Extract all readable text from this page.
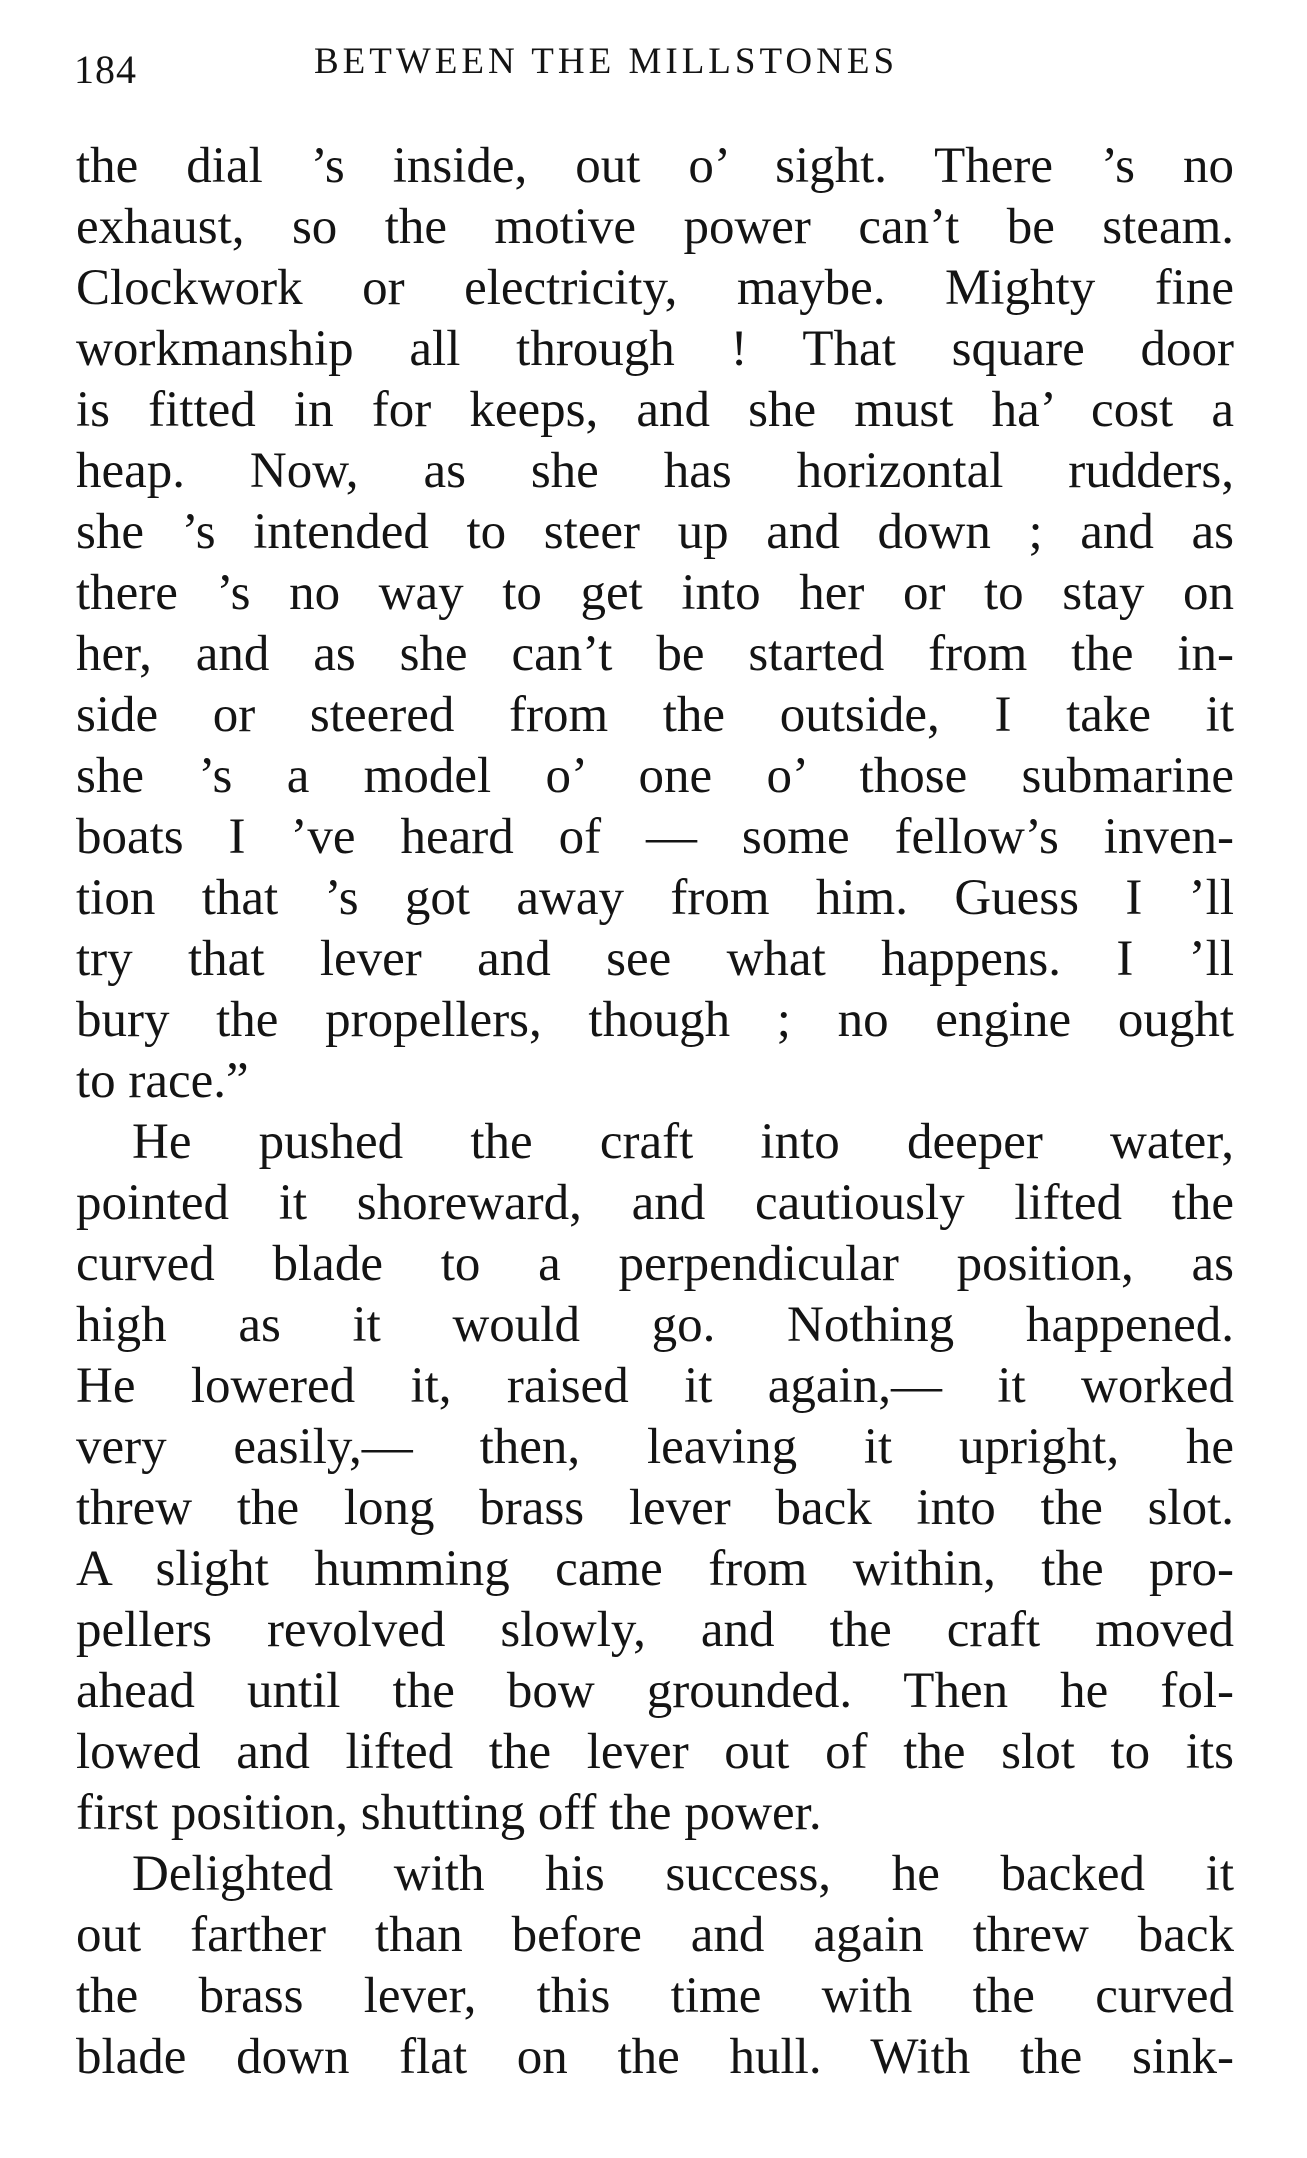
184	BETWEEN THE MILLSTONES
the dial ’s inside, out o’ sight. There ’s no
exhaust, so the motive power can’t be steam.
Clockwork or electricity, maybe. Mighty fine
workmanship all through ! That square door
is fitted in for keeps, and she must ha’ cost a
heap. Now, as she has horizontal rudders,
she ’s intended to steer up and down ; and as
there ’s no way to get into her or to stay on
her, and as she can’t be started from the in-
side or steered from the outside, I take it
she ’s a model o’ one o’ those submarine
boats I ’ve heard of — some fellow’s inven-
tion that ’s got away from him. Guess I ’ll
try that lever and see what happens. I ’ll
bury the propellers, though ; no engine ought
to race.”
He pushed the craft into deeper water,
pointed it shoreward, and cautiously lifted the
curved blade to a perpendicular position, as
high as it would go. Nothing happened.
He lowered it, raised it again,— it worked
very easily,— then, leaving it upright, he
threw the long brass lever back into the slot.
A slight humming came from within, the pro-
pellers revolved slowly, and the craft moved
ahead until the bow grounded. Then he fol-
lowed and lifted the lever out of the slot to its
first position, shutting off the power.
Delighted with his success, he backed it
out farther than before and again threw back
the brass lever, this time with the curved
blade down flat on the hull. With the sink-
